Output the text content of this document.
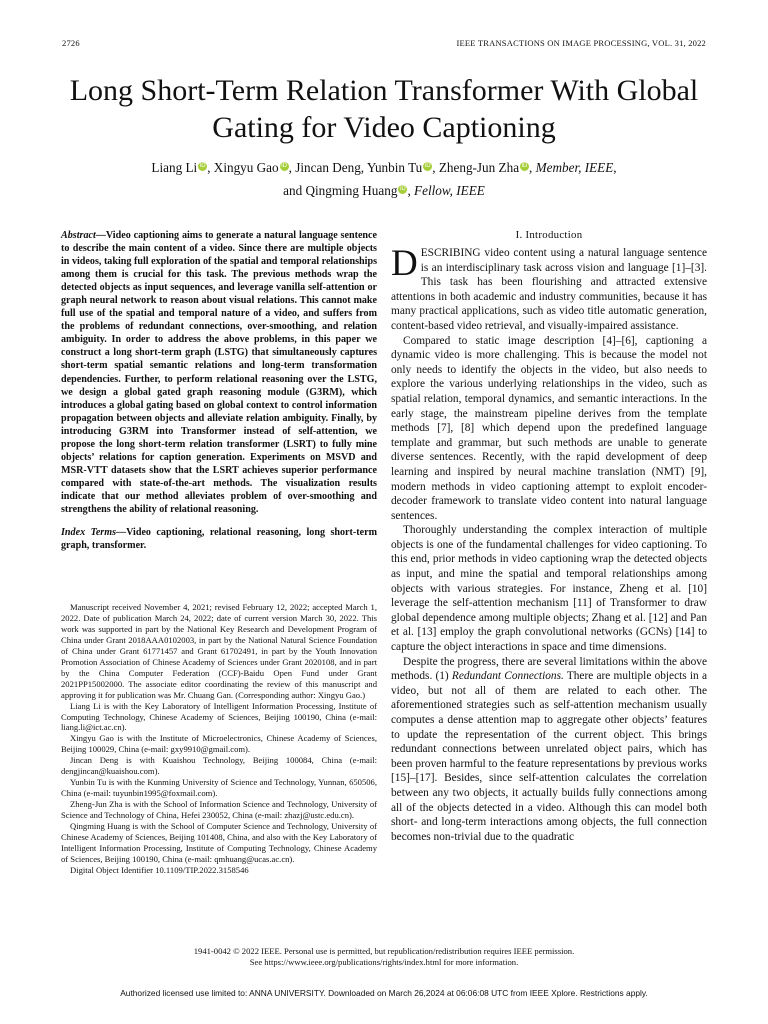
2726	IEEE TRANSACTIONS ON IMAGE PROCESSING, VOL. 31, 2022
Long Short-Term Relation Transformer With Global
Gating for Video Captioning
Liang Li iD , Xingyu Gao iD , Jincan Deng, Yunbin Tu iD , Zheng-Jun Zha iD , Member, IEEE,
and Qingming Huang iD , Fellow, IEEE

Abstract—Video captioning aims to generate a natural language sentence to describe the main content of a video. Since there are multiple objects in videos, taking full exploration of the spatial and temporal relationships among them is crucial for this task. The previous methods wrap the detected objects as input sequences, and leverage vanilla self-attention or graph neural network to reason about visual relations. This cannot make full use of the spatial and temporal nature of a video, and suffers from the problems of redundant connections, over-smoothing, and relation ambiguity. In order to address the above problems, in this paper we construct a long short-term graph (LSTG) that simultaneously captures short-term spatial semantic relations and long-term transformation dependencies. Further, to perform relational reasoning over the LSTG, we design a global gated graph reasoning module (G3RM), which introduces a global gating based on global context to control information propagation between objects and alleviate relation ambiguity. Finally, by introducing G3RM into Transformer instead of self-attention, we propose the long short-term relation transformer (LSRT) to fully mine objects’ relations for caption generation. Experiments on MSVD and MSR-VTT datasets show that the LSRT achieves superior performance compared with state-of-the-art methods. The visualization results indicate that our method alleviates problem of over-smoothing and strengthens the ability of relational reasoning.

Index Terms—Video captioning, relational reasoning, long short-term graph, transformer.

Manuscript received November 4, 2021; revised February 12, 2022; accepted March 1, 2022. Date of publication March 24, 2022; date of current version March 30, 2022. This work was supported in part by the National Key Research and Development Program of China under Grant 2018AAA0102003, in part by the National Natural Science Foundation of China under Grant 61771457 and Grant 61702491, in part by the Youth Innovation Promotion Association of Chinese Academy of Sciences under Grant 2020108, and in part by the China Computer Federation (CCF)-Baidu Open Fund under Grant 2021PP15002000. The associate editor coordinating the review of this manuscript and approving it for publication was Mr. Chuang Gan. (Corresponding author: Xingyu Gao.)

Liang Li is with the Key Laboratory of Intelligent Information Processing, Institute of Computing Technology, Chinese Academy of Sciences, Beijing 100190, China (e-mail: liang.li@ict.ac.cn).

Xingyu Gao is with the Institute of Microelectronics, Chinese Academy of Sciences, Beijing 100029, China (e-mail: gxy9910@gmail.com).

Jincan Deng is with Kuaishou Technology, Beijing 100084, China (e-mail: dengjincan@kuaishou.com).

Yunbin Tu is with the Kunming University of Science and Technology, Yunnan, 650506, China (e-mail: tuyunbin1995@foxmail.com).

Zheng-Jun Zha is with the School of Information Science and Technology, University of Science and Technology of China, Hefei 230052, China (e-mail: zhazj@ustc.edu.cn).

Qingming Huang is with the School of Computer Science and Technology, University of Chinese Academy of Sciences, Beijing 101408, China, and also with the Key Laboratory of Intelligent Information Processing, Institute of Computing Technology, Chinese Academy of Sciences, Beijing 100190, China (e-mail: qmhuang@ucas.ac.cn).

Digital Object Identifier 10.1109/TIP.2022.3158546

I. Introduction

DESCRIBING video content using a natural language sentence is an interdisciplinary task across vision and language [1]–[3]. This task has been flourishing and attracted extensive attentions in both academic and industry communities, because it has many practical applications, such as video title automatic generation, content-based video retrieval, and visually-impaired assistance.

Compared to static image description [4]–[6], captioning a dynamic video is more challenging. This is because the model not only needs to identify the objects in the video, but also needs to explore the various underlying relationships in the video, such as spatial relation, temporal dynamics, and semantic interactions. In the early stage, the mainstream pipeline derives from the template methods [7], [8] which depend upon the predefined language template and grammar, but such methods are unable to generate diverse sentences. Recently, with the rapid development of deep learning and inspired by neural machine translation (NMT) [9], modern methods in video captioning attempt to exploit encoder-decoder framework to translate video content into natural language sentences.

Thoroughly understanding the complex interaction of multiple objects is one of the fundamental challenges for video captioning. To this end, prior methods in video captioning wrap the detected objects as input, and mine the spatial and temporal relationships among objects with various strategies. For instance, Zheng et al. [10] leverage the self-attention mechanism [11] of Transformer to draw global dependence among multiple objects; Zhang et al. [12] and Pan et al. [13] employ the graph convolutional networks (GCNs) [14] to capture the object interactions in space and time dimensions.

Despite the progress, there are several limitations within the above methods. (1) Redundant Connections. There are multiple objects in a video, but not all of them are related to each other. The aforementioned strategies such as self-attention mechanism usually computes a dense attention map to aggregate other objects’ features to update the representation of the current object. This brings redundant connections between unrelated object pairs, which has been proven harmful to the feature representations by previous works [15]–[17]. Besides, since self-attention calculates the correlation between any two objects, it actually builds fully connections among all of the objects detected in a video. Although this can model both short- and long-term interactions among objects, the full connection becomes non-trivial due to the quadratic

1941-0042 © 2022 IEEE. Personal use is permitted, but republication/redistribution requires IEEE permission.
See https://www.ieee.org/publications/rights/index.html for more information.
Authorized licensed use limited to: ANNA UNIVERSITY. Downloaded on March 26,2024 at 06:06:08 UTC from IEEE Xplore. Restrictions apply.
